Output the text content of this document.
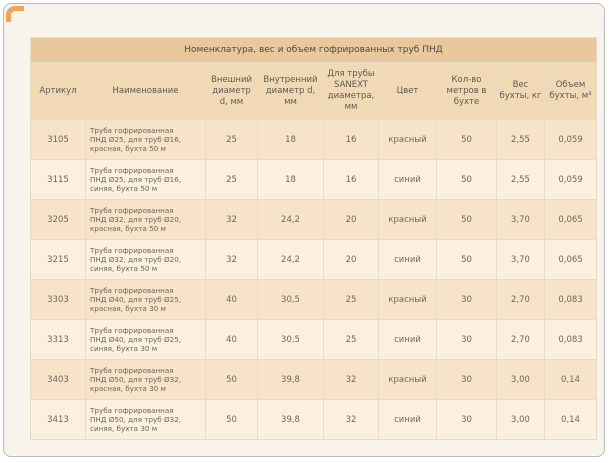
Номенклатура, вес и объем гофрированных труб ПНД								
Артикул	Наименование	Внешний диаметр d, мм	Внутренний диаметр d, мм	Для трубы SANEXT диаметра, мм	Цвет	Кол-во метров в бухте	Вес бухты, кг	Объем бухты, м³
3105	Труба гофрированная
ПНД Ø25, для труб Ø16,
красная, бухта 50 м	25	18	16	красный	50	2,55	0,059
3115	Труба гофрированная
ПНД Ø25, для труб Ø16,
синяя, бухта 50 м	25	18	16	синий	50	2,55	0,059
3205	Труба гофрированная
ПНД Ø32, для труб Ø20,
красная, бухта 50 м	32	24,2	20	красный	50	3,70	0,065
3215	Труба гофрированная
ПНД Ø32, для труб Ø20,
синяя, бухта 50 м	32	24,2	20	синий	50	3,70	0,065
3303	Труба гофрированная
ПНД Ø40, для труб Ø25,
красная, бухта 30 м	40	30,5	25	красный	30	2,70	0,083
3313	Труба гофрированная
ПНД Ø40, для труб Ø25,
синяя, бухта 30 м	40	30,5	25	синий	30	2,70	0,083
3403	Труба гофрированная
ПНД Ø50, для труб Ø32,
красная, бухта 30 м	50	39,8	32	красный	30	3,00	0,14
3413	Труба гофрированная
ПНД Ø50, для труб Ø32,
синяя, бухта 30 м	50	39,8	32	синий	30	3,00	0,14
